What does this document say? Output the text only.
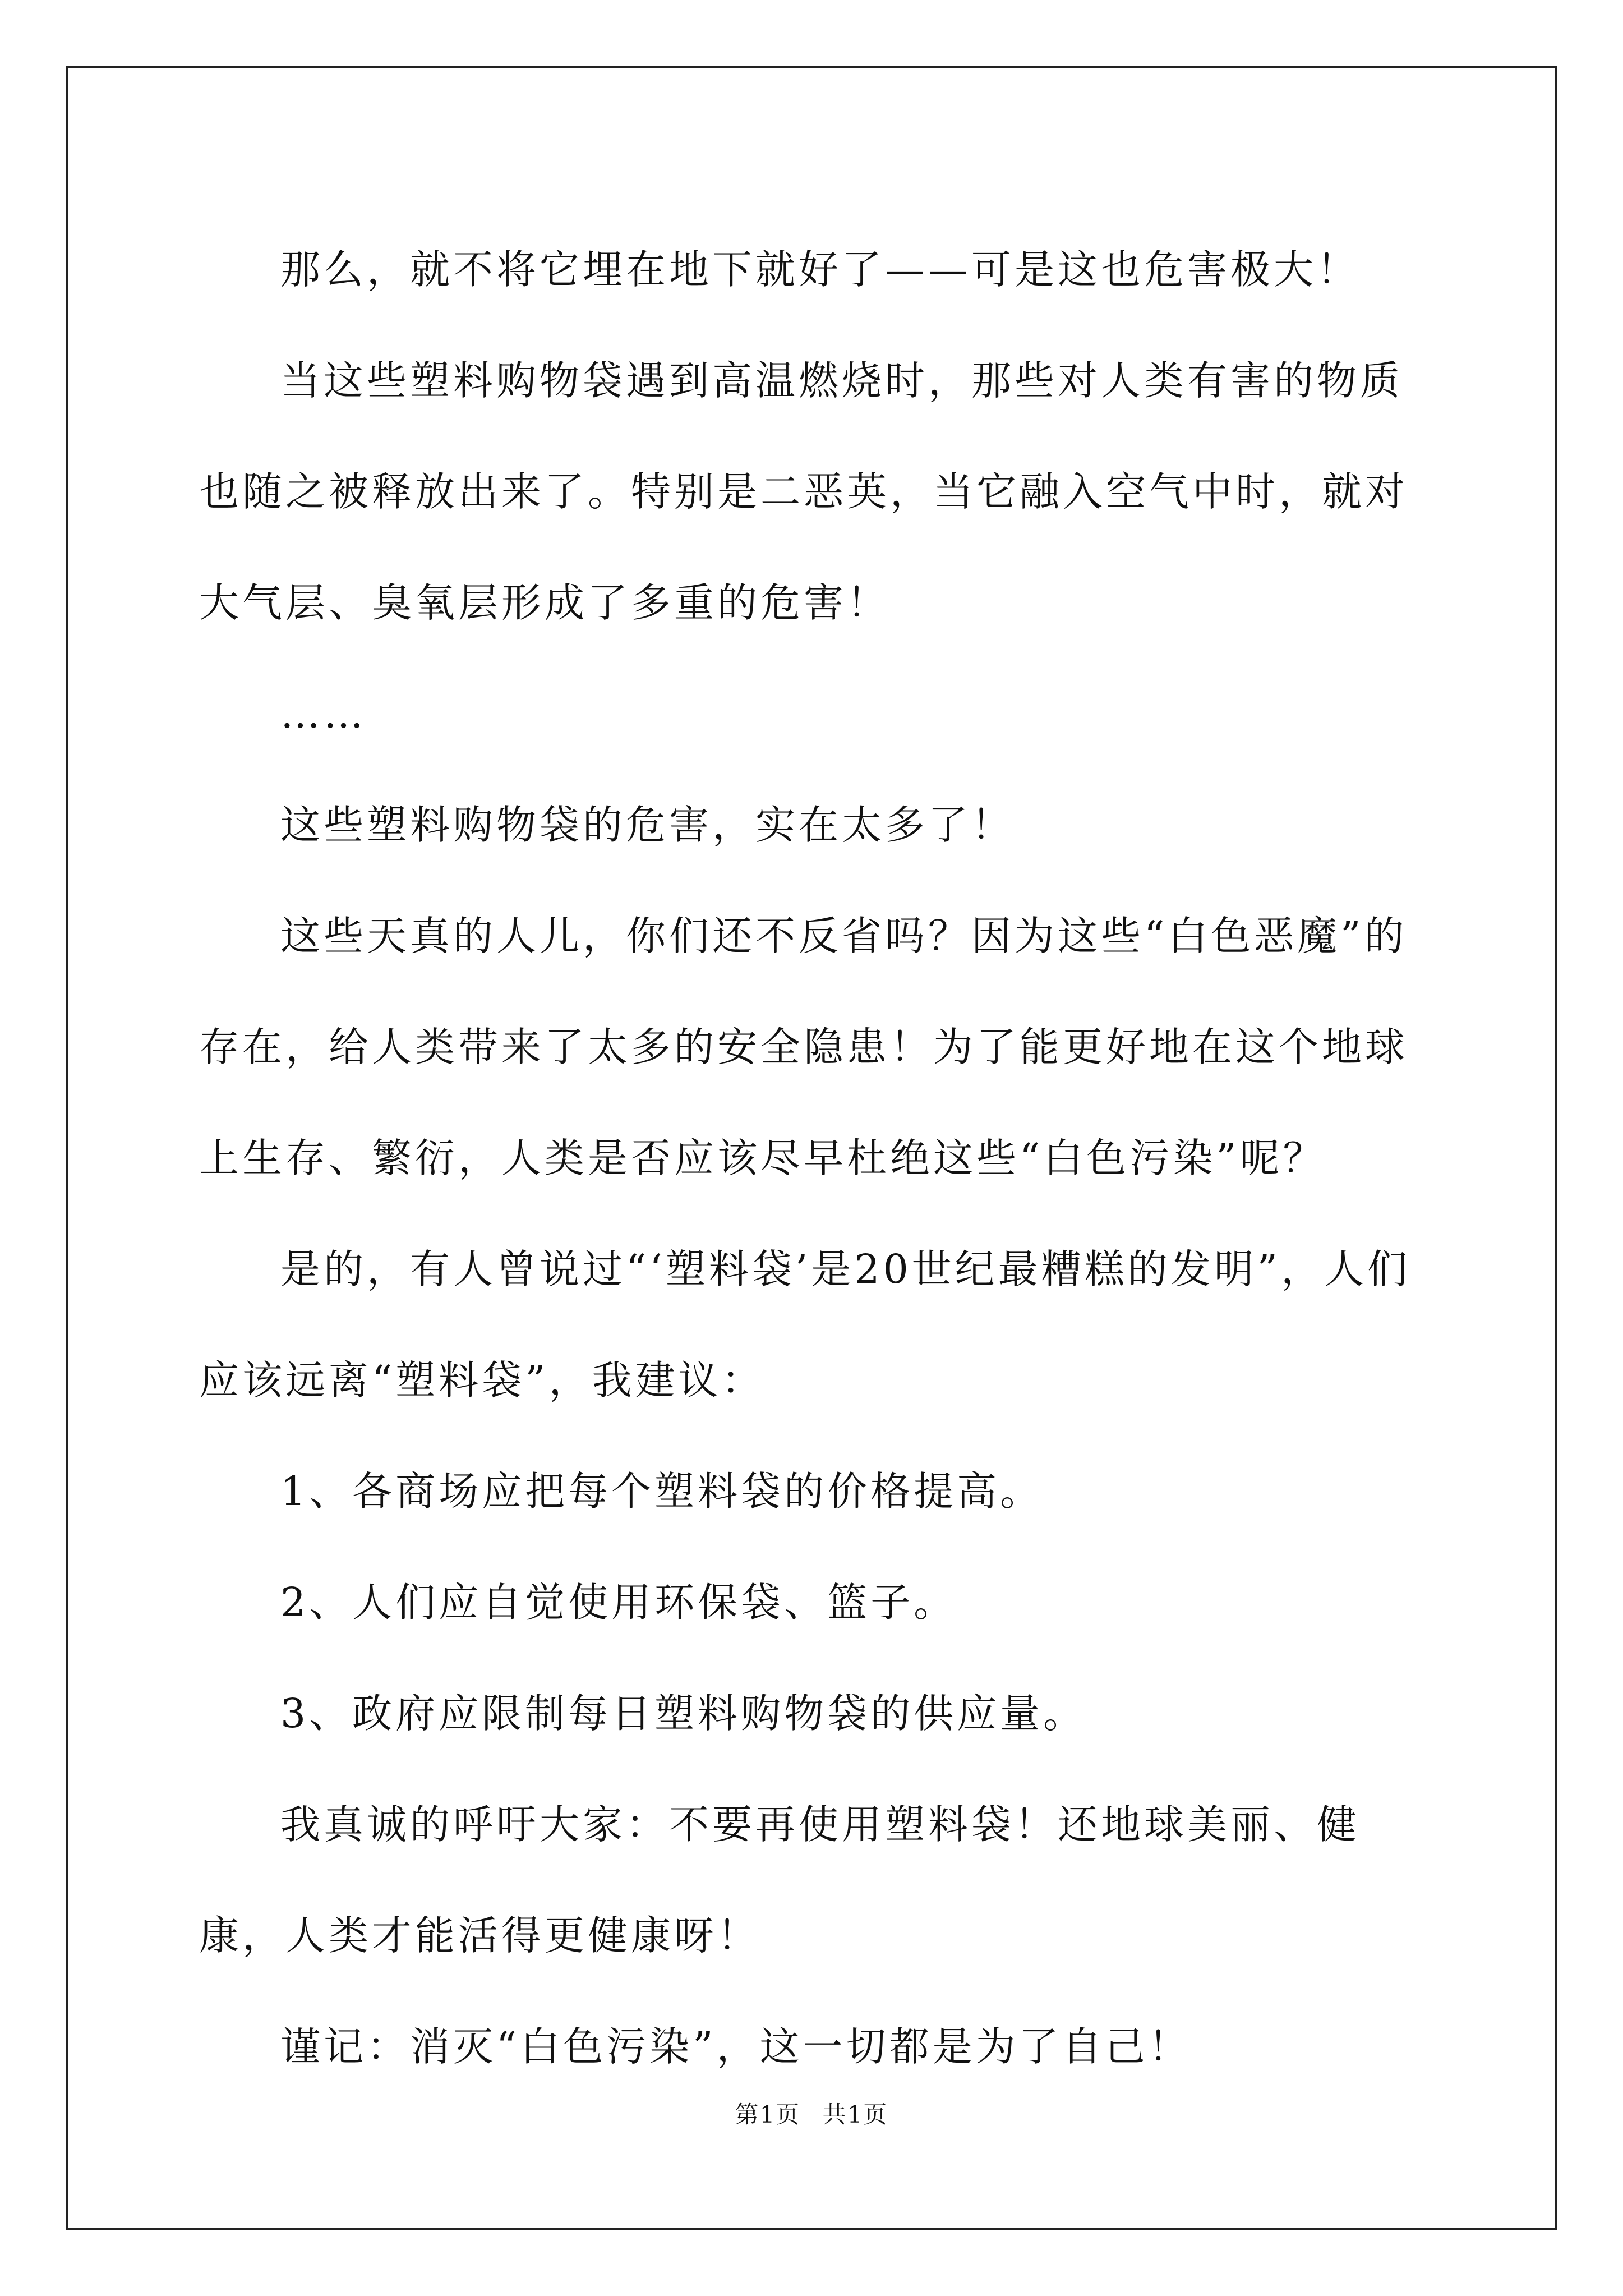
那么，就不将它埋在地下就好了——可是这也危害极大！

当这些塑料购物袋遇到高温燃烧时，那些对人类有害的物质也随之被释放出来了。特别是二恶英，当它融入空气中时，就对大气层、臭氧层形成了多重的危害！

……

这些塑料购物袋的危害，实在太多了！

这些天真的人儿，你们还不反省吗？因为这些“白色恶魔”的存在，给人类带来了太多的安全隐患！为了能更好地在这个地球上生存、繁衍，人类是否应该尽早杜绝这些“白色污染”呢？

是的，有人曾说过“‘塑料袋’是20世纪最糟糕的发明”，人们应该远离“塑料袋”，我建议：

1、各商场应把每个塑料袋的价格提高。

2、人们应自觉使用环保袋、篮子。

3、政府应限制每日塑料购物袋的供应量。

我真诚的呼吁大家：不要再使用塑料袋！还地球美丽、健康，人类才能活得更健康呀！

谨记：消灭“白色污染”，这一切都是为了自己！

第1页 共1页
